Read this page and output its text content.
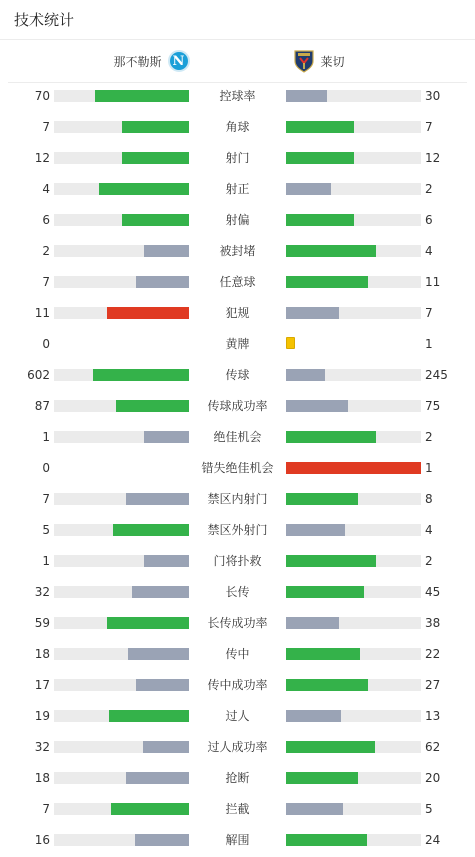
技术统计
那不勒斯 N	莱切
70	控球率	30
7	角球	7
12	射门	12
4	射正	2
6	射偏	6
2	被封堵	4
7	任意球	11
11	犯规	7
0	黄牌	1
602	传球	245
87	传球成功率	75
1	绝佳机会	2
0	错失绝佳机会	1
7	禁区内射门	8
5	禁区外射门	4
1	门将扑救	2
32	长传	45
59	长传成功率	38
18	传中	22
17	传中成功率	27
19	过人	13
32	过人成功率	62
18	抢断	20
7	拦截	5
16	解围	24
